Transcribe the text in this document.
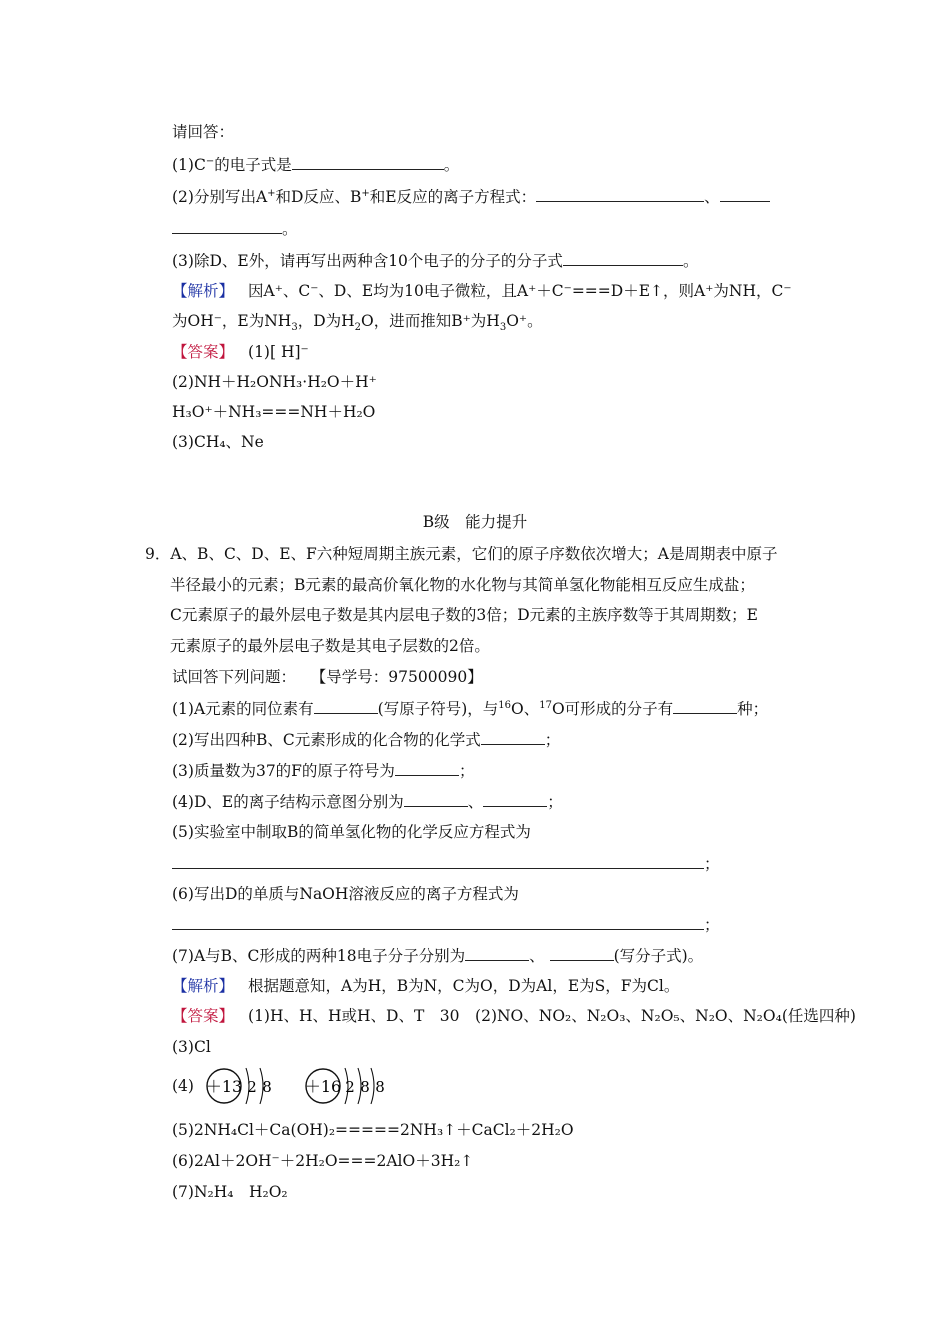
请回答：
(1)C−的电子式是	。
(2)分别写出A+和D反应、B+和E反应的离子方程式：	、
。
(3)除D、E外，请再写出两种含10个电子的分子的分子式	。
【解析】 因A⁺、C⁻、D、E均为10电子微粒，且A⁺＋C⁻===D＋E↑，则A⁺为NH，C⁻
为OH⁻，E为$NH_3$，D为$H_2O$，进而推知B⁺为$H_3O^+$。
【答案】 (1)[ H]⁻
(2)NH＋H₂ONH₃·H₂O＋H⁺
H₃O⁺＋NH₃===NH＋H₂O
(3)CH₄、Ne
B级　能力提升
9．A、B、C、D、E、F六种短周期主族元素，它们的原子序数依次增大；A是周期表中原子
半径最小的元素；B元素的最高价氧化物的水化物与其简单氢化物能相互反应生成盐；
C元素原子的最外层电子数是其内层电子数的3倍；D元素的主族序数等于其周期数；E
元素原子的最外层电子数是其电子层数的2倍。
试回答下列问题： 【导学号：97500090】
(1)A元素的同位素有	(写原子符号)，与$^{16}$O、$^{17}$O可形成的分子有	种；
(2)写出四种B、C元素形成的化合物的化学式	；
(3)质量数为37的F的原子符号为	；
(4)D、E的离子结构示意图分别为	、	；
(5)实验室中制取B的简单氢化物的化学反应方程式为
；
(6)写出D的单质与NaOH溶液反应的离子方程式为
；
(7)A与B、C形成的两种18电子分子分别为	、	(写分子式)。
【解析】 根据题意知，A为H，B为N，C为O，D为Al，E为S，F为Cl。
【答案】 (1)H、H、H或H、D、T　30　(2)NO、NO₂、N₂O₃、N₂O₅、N₂O、N₂O₄(任选四种)
(3)Cl
(4) ＋13 2 8 ＋16 2 8 8
(5)2NH₄Cl＋Ca(OH)₂=====2NH₃↑＋CaCl₂＋2H₂O
(6)2Al＋2OH⁻＋2H₂O===2AlO＋3H₂↑
(7)N₂H₄　H₂O₂
